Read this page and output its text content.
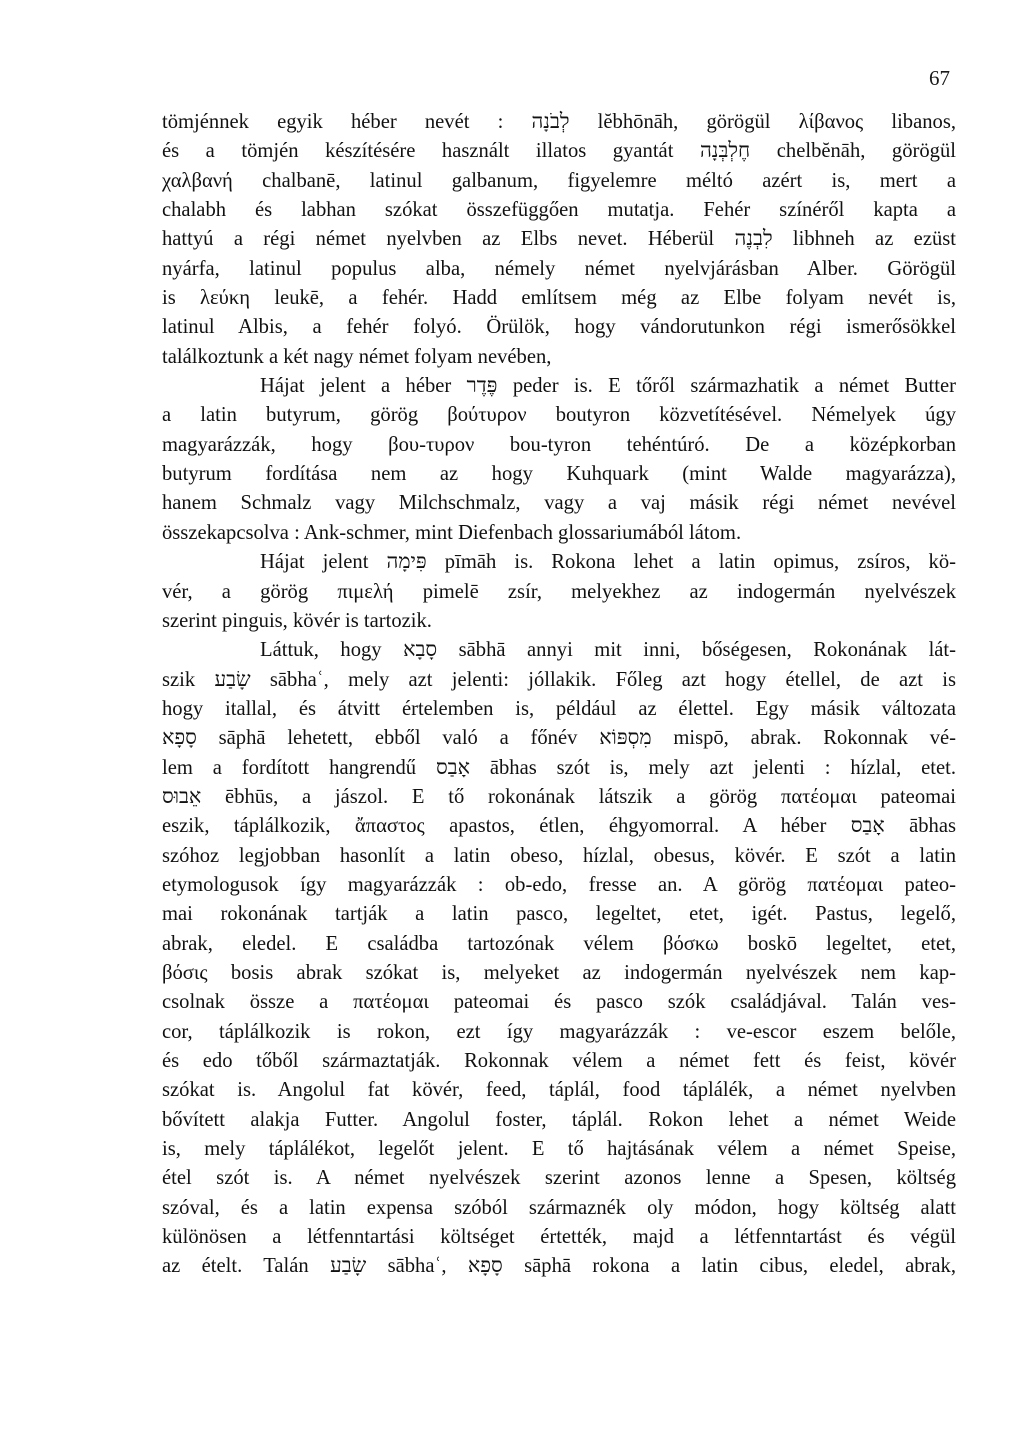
67
tömjénnek egyik héber nevét : לְבֹנָה lĕbhōnāh, görögül λίβανος libanos,
és a tömjén készítésére használt illatos gyantát חֶלְבְּנָה chelbĕnāh, görögül
χαλβανή chalbanē, latinul galbanum, figyelemre méltó azért is, mert a
chalabh és labhan szókat összefüggően mutatja. Fehér színéről kapta a
hattyú a régi német nyelvben az Elbs nevet. Héberül לִבְנֶה libhneh az ezüst
nyárfa, latinul populus alba, némely német nyelvjárásban Alber. Görögül
is λεύκη leukē, a fehér. Hadd említsem még az Elbe folyam nevét is,
latinul Albis, a fehér folyó. Örülök, hogy vándorutunkon régi ismerősökkel
találkoztunk a két nagy német folyam nevében,
Hájat jelent a héber פֶּדֶר peder is. E tőről származhatik a német Butter
a latin butyrum, görög βούτυρον boutyron közvetítésével. Némelyek úgy
magyarázzák, hogy βου-τυρον bou-tyron tehéntúró. De a középkorban
butyrum fordítása nem az hogy Kuhquark (mint Walde magyarázza),
hanem Schmalz vagy Milchschmalz, vagy a vaj másik régi német nevével
összekapcsolva : Ank-schmer, mint Diefenbach glossariumából látom.
Hájat jelent פִּימָה pīmāh is. Rokona lehet a latin opimus, zsíros, kö-
vér, a görög πιμελή pimelē zsír, melyekhez az indogermán nyelvészek
szerint pinguis, kövér is tartozik.
Láttuk, hogy סָבָא sābhā annyi mit inni, bőségesen, Rokonának lát-
szik שָׂבַע sābhaʿ, mely azt jelenti: jóllakik. Főleg azt hogy étellel, de azt is
hogy itallal, és átvitt értelemben is, például az élettel. Egy másik változata
סָפָא sāphā lehetett, ebből való a főnév מִסְפּוֹא mispō, abrak. Rokonnak vé-
lem a fordított hangrendű אָבַס ābhas szót is, mely azt jelenti : hízlal, etet.
אֵבוּס ēbhūs, a jászol. E tő rokonának látszik a görög πατέομαι pateomai
eszik, táplálkozik, ἄπαστος apastos, étlen, éhgyomorral. A héber אָבַס ābhas
szóhoz legjobban hasonlít a latin obeso, hízlal, obesus, kövér. E szót a latin
etymologusok így magyarázzák : ob-edo, fresse an. A görög πατέομαι pateo-
mai rokonának tartják a latin pasco, legeltet, etet, igét. Pastus, legelő,
abrak, eledel. E családba tartozónak vélem βόσκω boskō legeltet, etet,
βόσις bosis abrak szókat is, melyeket az indogermán nyelvészek nem kap-
csolnak össze a πατέομαι pateomai és pasco szók családjával. Talán ves-
cor, táplálkozik is rokon, ezt így magyarázzák : ve-escor eszem belőle,
és edo tőből származtatják. Rokonnak vélem a német fett és feist, kövér
szókat is. Angolul fat kövér, feed, táplál, food táplálék, a német nyelvben
bővített alakja Futter. Angolul foster, táplál. Rokon lehet a német Weide
is, mely táplálékot, legelőt jelent. E tő hajtásának vélem a német Speise,
étel szót is. A német nyelvészek szerint azonos lenne a Spesen, költség
szóval, és a latin expensa szóból származnék oly módon, hogy költség alatt
különösen a létfenntartási költséget értették, majd a létfenntartást és végül
az ételt. Talán שָׂבַע sābhaʿ, סָפָא sāphā rokona a latin cibus, eledel, abrak,
